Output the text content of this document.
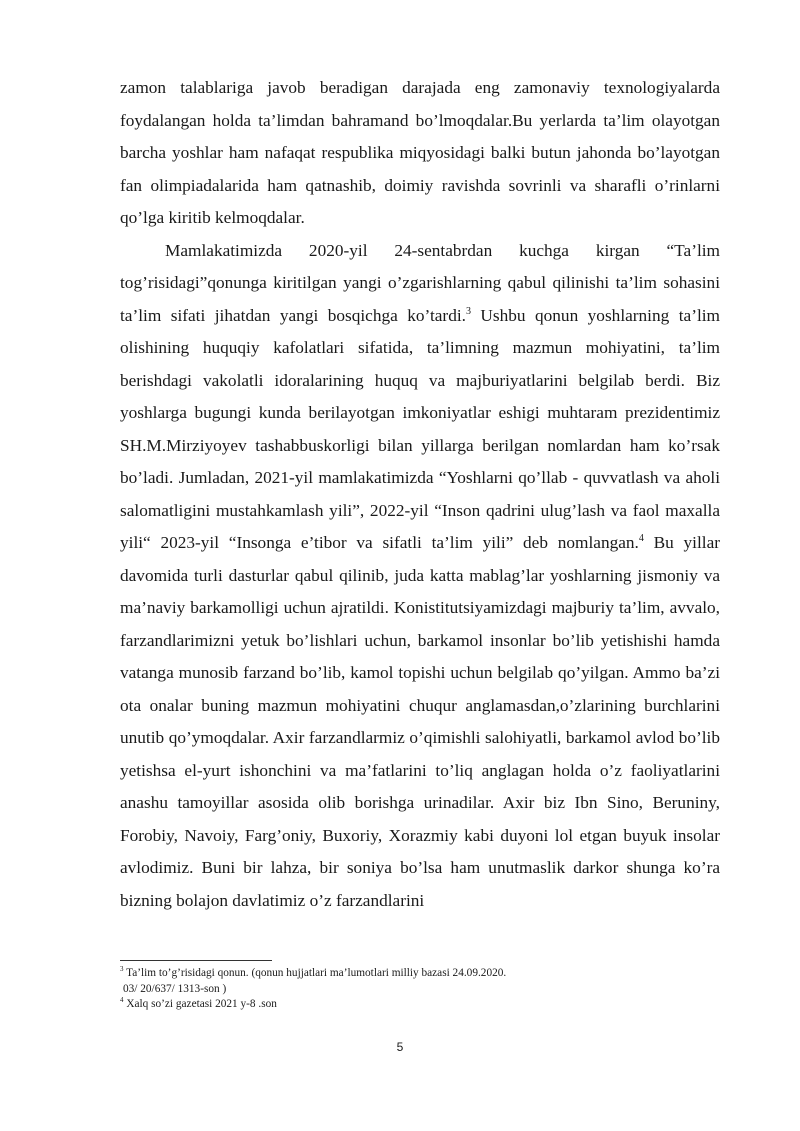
zamon talablariga javob beradigan darajada eng zamonaviy texnologiyalarda foydalangan holda ta’limdan bahramand bo’lmoqdalar.Bu yerlarda ta’lim olayotgan barcha yoshlar ham nafaqat respublika miqyosidagi balki butun jahonda bo’layotgan fan olimpiadalarida ham qatnashib, doimiy ravishda sovrinli va sharafli o’rinlarni qo’lga kiritib kelmoqdalar.

Mamlakatimizda 2020-yil 24-sentabrdan kuchga kirgan “Ta’lim tog’risidagi”qonunga kiritilgan yangi o’zgarishlarning qabul qilinishi ta’lim sohasini ta’lim sifati jihatdan yangi bosqichga ko’tardi.$^3$ Ushbu qonun yoshlarning ta’lim olishining huquqiy kafolatlari sifatida, ta’limning mazmun mohiyatini, ta’lim berishdagi vakolatli idoralarining huquq va majburiyatlarini belgilab berdi. Biz yoshlarga bugungi kunda berilayotgan imkoniyatlar eshigi muhtaram prezidentimiz SH.M.Mirziyoyev tashabbuskorligi bilan yillarga berilgan nomlardan ham ko’rsak bo’ladi. Jumladan, 2021-yil mamlakatimizda “Yoshlarni qo’llab - quvvatlash va aholi salomatligini mustahkamlash yili”, 2022-yil “Inson qadrini ulug’lash va faol maxalla yili“ 2023-yil “Insonga e’tibor va sifatli ta’lim yili” deb nomlangan.$^4$ Bu yillar davomida turli dasturlar qabul qilinib, juda katta mablag’lar yoshlarning jismoniy va ma’naviy barkamolligi uchun ajratildi. Konistitutsiyamizdagi majburiy ta’lim, avvalo, farzandlarimizni yetuk bo’lishlari uchun, barkamol insonlar bo’lib yetishishi hamda vatanga munosib farzand bo’lib, kamol topishi uchun belgilab qo’yilgan. Ammo ba’zi ota onalar buning mazmun mohiyatini chuqur anglamasdan,o’zlarining burchlarini unutib qo’ymoqdalar. Axir farzandlarmiz o’qimishli salohiyatli, barkamol avlod bo’lib yetishsa el-yurt ishonchini va ma’fatlarini to’liq anglagan holda o’z faoliyatlarini anashu tamoyillar asosida olib borishga urinadilar. Axir biz Ibn Sino, Beruniny, Forobiy, Navoiy, Farg’oniy, Buxoriy, Xorazmiy kabi duyoni lol etgan buyuk insolar avlodimiz. Buni bir lahza, bir soniya bo’lsa ham unutmaslik darkor shunga ko’ra bizning bolajon davlatimiz o’z farzandlarini

$^3$ Ta’lim to’g’risidagi qonun. (qonun hujjatlari ma’lumotlari milliy bazasi 24.09.2020.

03/ 20/637/ 1313-son )

$^4$ Xalq so’zi gazetasi 2021 y-8 .son

5
